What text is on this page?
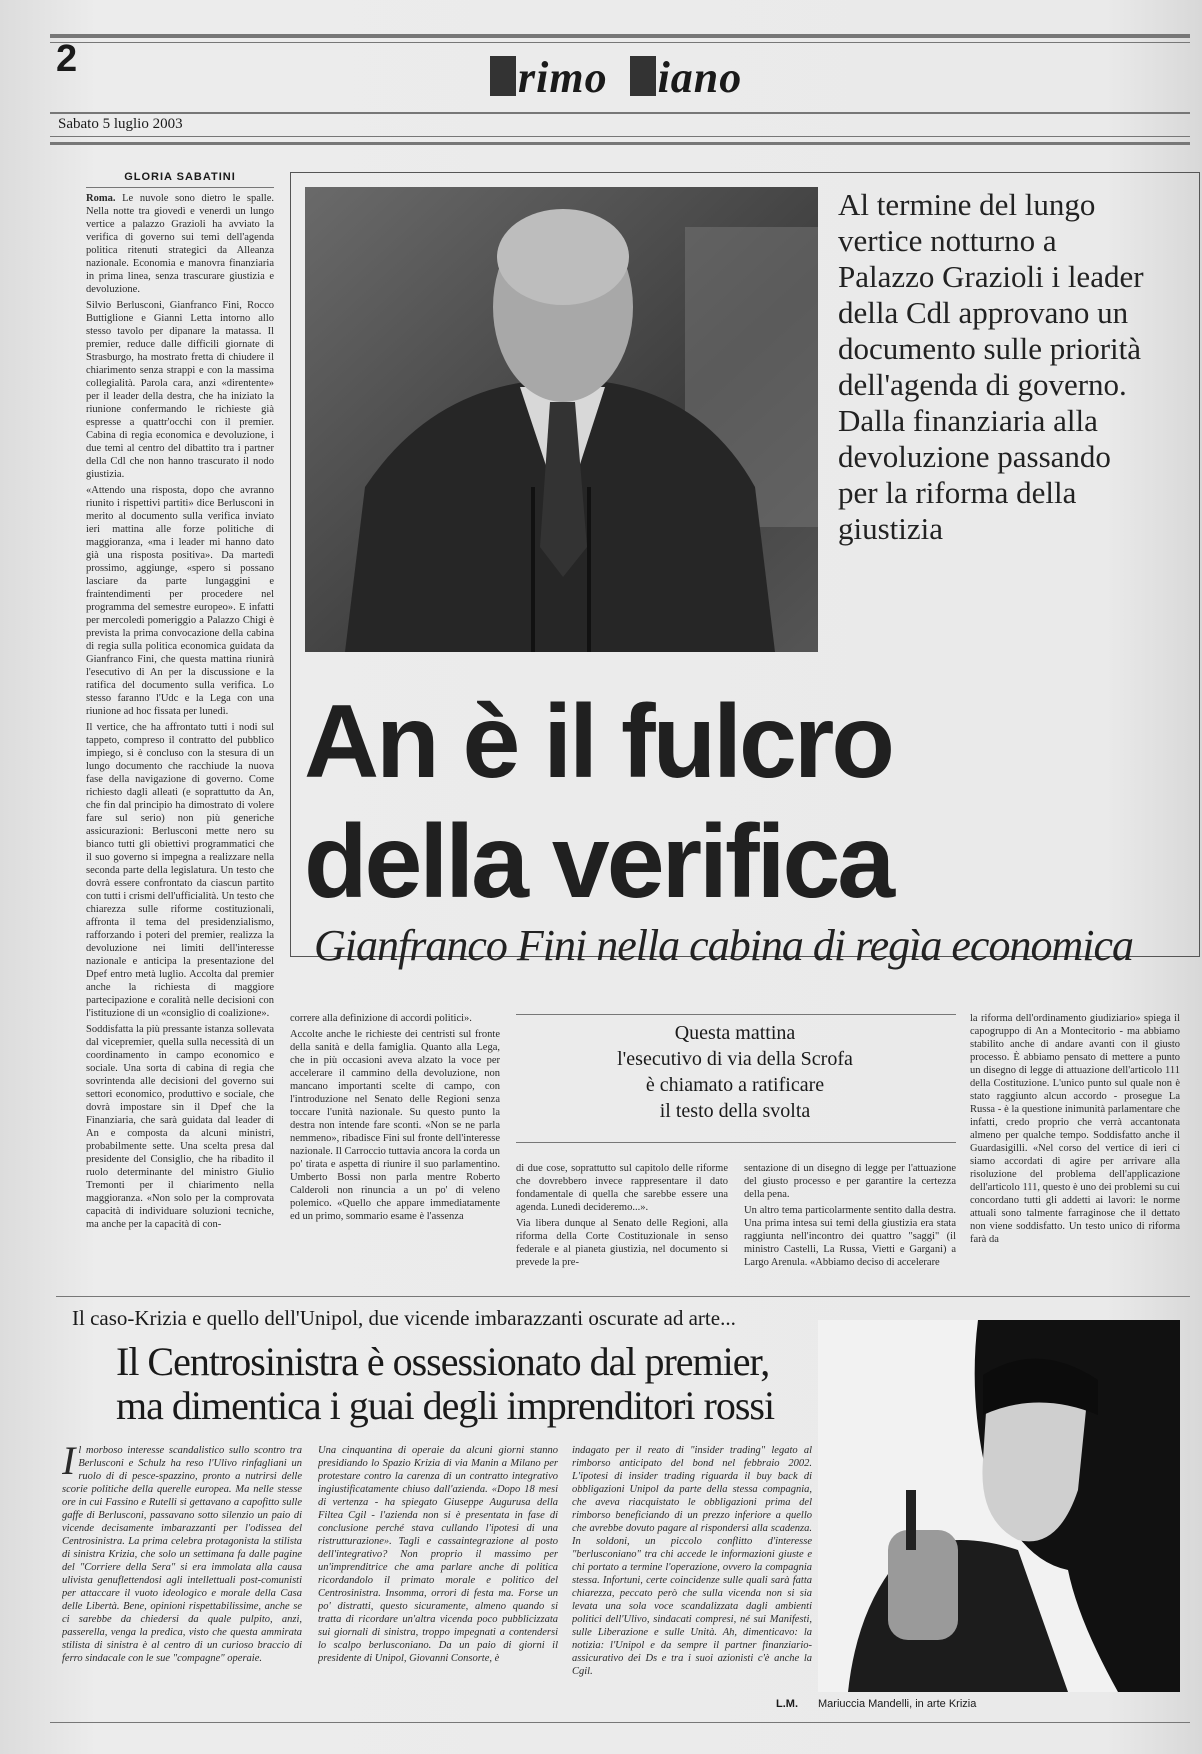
2	rimo iano
Sabato 5 luglio 2003
GLORIA SABATINI

Roma. Le nuvole sono dietro le spalle. Nella notte tra giovedì e venerdì un lungo vertice a palazzo Grazioli ha avviato la verifica di governo sui temi dell'agenda politica ritenuti strategici da Alleanza nazionale. Economia e manovra finanziaria in prima linea, senza trascurare giustizia e devoluzione.

Silvio Berlusconi, Gianfranco Fini, Rocco Buttiglione e Gianni Letta intorno allo stesso tavolo per dipanare la matassa. Il premier, reduce dalle difficili giornate di Strasburgo, ha mostrato fretta di chiudere il chiarimento senza strappi e con la massima collegialità. Parola cara, anzi «direntente» per il leader della destra, che ha iniziato la riunione confermando le richieste già espresse a quattr'occhi con il premier. Cabina di regia economica e devoluzione, i due temi al centro del dibattito tra i partner della Cdl che non hanno trascurato il nodo giustizia.

«Attendo una risposta, dopo che avranno riunito i rispettivi partiti» dice Berlusconi in merito al documento sulla verifica inviato ieri mattina alle forze politiche di maggioranza, «ma i leader mi hanno dato già una risposta positiva». Da martedì prossimo, aggiunge, «spero si possano lasciare da parte lungaggini e fraintendimenti per procedere nel programma del semestre europeo». E infatti per mercoledì pomeriggio a Palazzo Chigi è prevista la prima convocazione della cabina di regia sulla politica economica guidata da Gianfranco Fini, che questa mattina riunirà l'esecutivo di An per la discussione e la ratifica del documento sulla verifica. Lo stesso faranno l'Udc e la Lega con una riunione ad hoc fissata per lunedì.

Il vertice, che ha affrontato tutti i nodi sul tappeto, compreso il contratto del pubblico impiego, si è concluso con la stesura di un lungo documento che racchiude la nuova fase della navigazione di governo. Come richiesto dagli alleati (e soprattutto da An, che fin dal principio ha dimostrato di volere fare sul serio) non più generiche assicurazioni: Berlusconi mette nero su bianco tutti gli obiettivi programmatici che il suo governo si impegna a realizzare nella seconda parte della legislatura. Un testo che dovrà essere confrontato da ciascun partito con tutti i crismi dell'ufficialità. Un testo che chiarezza sulle riforme costituzionali, affronta il tema del presidenzialismo, rafforzando i poteri del premier, realizza la devoluzione nei limiti dell'interesse nazionale e anticipa la presentazione del Dpef entro metà luglio. Accolta dal premier anche la richiesta di maggiore partecipazione e coralità nelle decisioni con l'istituzione di un «consiglio di coalizione».

Soddisfatta la più pressante istanza sollevata dal vicepremier, quella sulla necessità di un coordinamento in campo economico e sociale. Una sorta di cabina di regia che sovrintenda alle decisioni del governo sui settori economico, produttivo e sociale, che dovrà impostare sin il Dpef che la Finanziaria, che sarà guidata dal leader di An e composta da alcuni ministri, probabilmente sette. Una scelta presa dal presidente del Consiglio, che ha ribadito il ruolo determinante del ministro Giulio Tremonti per il chiarimento nella maggioranza. «Non solo per la comprovata capacità di individuare soluzioni tecniche, ma anche per la capacità di con-

Al termine del lungo vertice notturno a Palazzo Grazioli i leader della Cdl approvano un documento sulle priorità dell'agenda di governo. Dalla finanziaria alla devoluzione passando per la riforma della giustizia
An è il fulcro
della verifica
Gianfranco Fini nella cabina di regìa economica

correre alla definizione di accordi politici».

Accolte anche le richieste dei centristi sul fronte della sanità e della famiglia. Quanto alla Lega, che in più occasioni aveva alzato la voce per accelerare il cammino della devoluzione, non mancano importanti scelte di campo, con l'introduzione nel Senato delle Regioni senza toccare l'unità nazionale. Su questo punto la destra non intende fare sconti. «Non se ne parla nemmeno», ribadisce Fini sul fronte dell'interesse nazionale. Il Carroccio tuttavia ancora la corda un po' tirata e aspetta di riunire il suo parlamentino. Umberto Bossi non parla mentre Roberto Calderoli non rinuncia a un po' di veleno polemico. «Quello che appare immediatamente ed un primo, sommario esame è l'assenza

Questa mattina
l'esecutivo di via della Scrofa
è chiamato a ratificare
il testo della svolta

di due cose, soprattutto sul capitolo delle riforme che dovrebbero invece rappresentare il dato fondamentale di quella che sarebbe essere una agenda. Lunedì decideremo...».

Via libera dunque al Senato delle Regioni, alla riforma della Corte Costituzionale in senso federale e al pianeta giustizia, nel documento si prevede la pre-

sentazione di un disegno di legge per l'attuazione del giusto processo e per garantire la certezza della pena.

Un altro tema particolarmente sentito dalla destra. Una prima intesa sui temi della giustizia era stata raggiunta nell'incontro dei quattro "saggi" (il ministro Castelli, La Russa, Vietti e Gargani) a Largo Arenula. «Abbiamo deciso di accelerare

la riforma dell'ordinamento giudiziario» spiega il capogruppo di An a Montecitorio - ma abbiamo stabilito anche di andare avanti con il giusto processo. È abbiamo pensato di mettere a punto un disegno di legge di attuazione dell'articolo 111 della Costituzione. L'unico punto sul quale non è stato raggiunto alcun accordo - prosegue La Russa - è la questione inimunità parlamentare che infatti, credo proprio che verrà accantonata almeno per qualche tempo. Soddisfatto anche il Guardasigilli. «Nel corso del vertice di ieri ci siamo accordati di agire per arrivare alla risoluzione del problema dell'applicazione dell'articolo 111, questo è uno dei problemi su cui concordano tutti gli addetti ai lavori: le norme attuali sono talmente farraginose che il dettato non viene soddisfatto. Un testo unico di riforma farà da

Il caso-Krizia e quello dell'Unipol, due vicende imbarazzanti oscurate ad arte...
Il Centrosinistra è ossessionato dal premier,
ma dimentica i guai degli imprenditori rossi
Il morboso interesse scandalistico sullo scontro tra Berlusconi e Schulz ha reso l'Ulivo rinfagliani un ruolo di di pesce-spazzino, pronto a nutrirsi delle scorie politiche della querelle europea. Ma nelle stesse ore in cui Fassino e Rutelli si gettavano a capofitto sulle gaffe di Berlusconi, passavano sotto silenzio un paio di vicende decisamente imbarazzanti per l'odissea del Centrosinistra. La prima celebra protagonista la stilista di sinistra Krizia, che solo un settimana fa dalle pagine del "Corriere della Sera" si era immolata alla causa ulivista genuflettendosi agli intellettuali post-comunisti per attaccare il vuoto ideologico e morale della Casa delle Libertà. Bene, opinioni rispettabilissime, anche se ci sarebbe da chiedersi da quale pulpito, anzi, passerella, venga la predica, visto che questa ammirata stilista di sinistra è al centro di un curioso braccio di ferro sindacale con le sue "compagne" operaie.
Una cinquantina di operaie da alcuni giorni stanno presidiando lo Spazio Krizia di via Manin a Milano per protestare contro la carenza di un contratto integrativo ingiustificatamente chiuso dall'azienda. «Dopo 18 mesi di vertenza - ha spiegato Giuseppe Augurusa della Filtea Cgil - l'azienda non si è presentata in fase di conclusione perché stava cullando l'ipotesi di una ristrutturazione». Tagli e cassaintegrazione al posto dell'integrativo? Non proprio il massimo per un'imprenditrice che ama parlare anche di politica ricordandolo il primato morale e politico del Centrosinistra. Insomma, orrori di festa ma. Forse un po' distratti, questo sicuramente, almeno quando si tratta di ricordare un'altra vicenda poco pubblicizzata sui giornali di sinistra, troppo impegnati a contendersi lo scalpo berlusconiano. Da un paio di giorni il presidente di Unipol, Giovanni Consorte, è
indagato per il reato di "insider trading" legato al rimborso anticipato del bond nel febbraio 2002. L'ipotesi di insider trading riguarda il buy back di obbligazioni Unipol da parte della stessa compagnia, che aveva riacquistato le obbligazioni prima del rimborso beneficiando di un prezzo inferiore a quello che avrebbe dovuto pagare al rispondersi alla scadenza. In soldoni, un piccolo conflitto d'interesse "berlusconiano" tra chi accede le informazioni giuste e chi portato a termine l'operazione, ovvero la compagnia stessa. Infortuni, certe coincidenze sulle quali sarà fatta chiarezza, peccato però che sulla vicenda non si sia levata una sola voce scandalizzata dagli ambienti politici dell'Ulivo, sindacati compresi, né sui Manifesti, sulle Liberazione e sulle Unità. Ah, dimenticavo: la notizia: l'Unipol e da sempre il partner finanziario-assicurativo dei Ds e tra i suoi azionisti c'è anche la Cgil.
L.M. Mariuccia Mandelli, in arte Krizia
